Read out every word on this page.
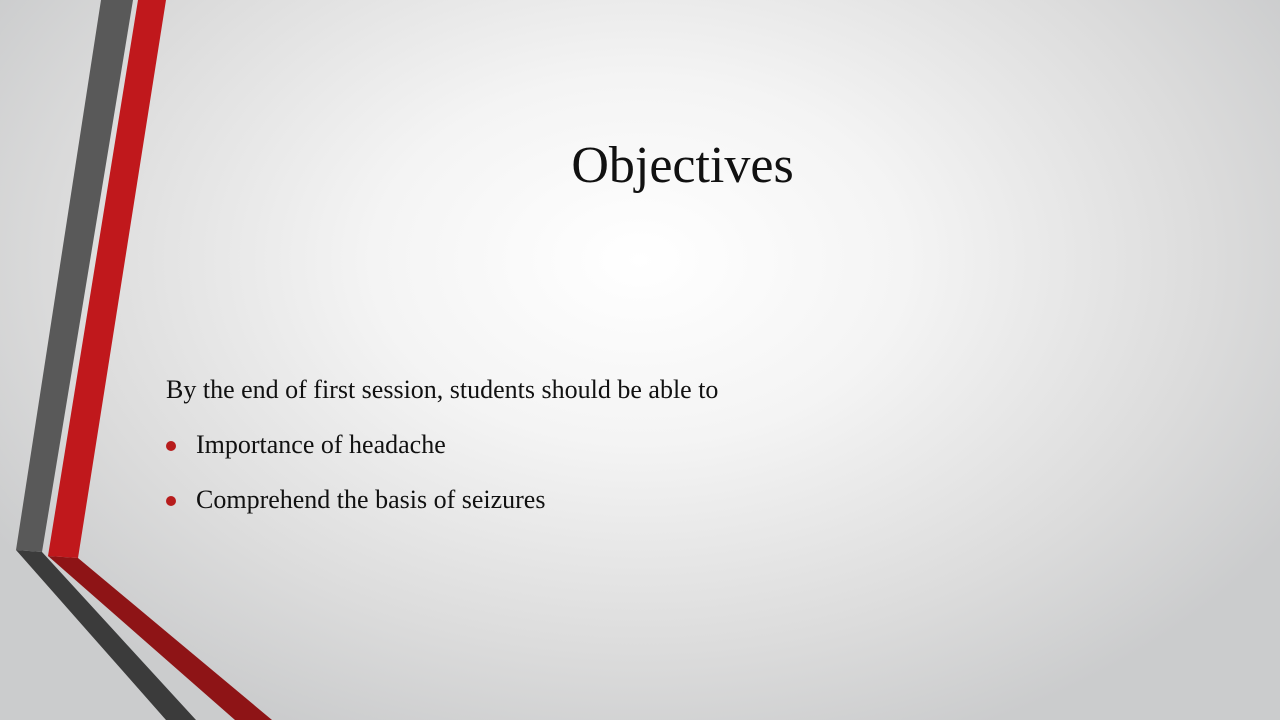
Objectives

By the end of first session, students should be able to

Importance of headache
Comprehend the basis of seizures
